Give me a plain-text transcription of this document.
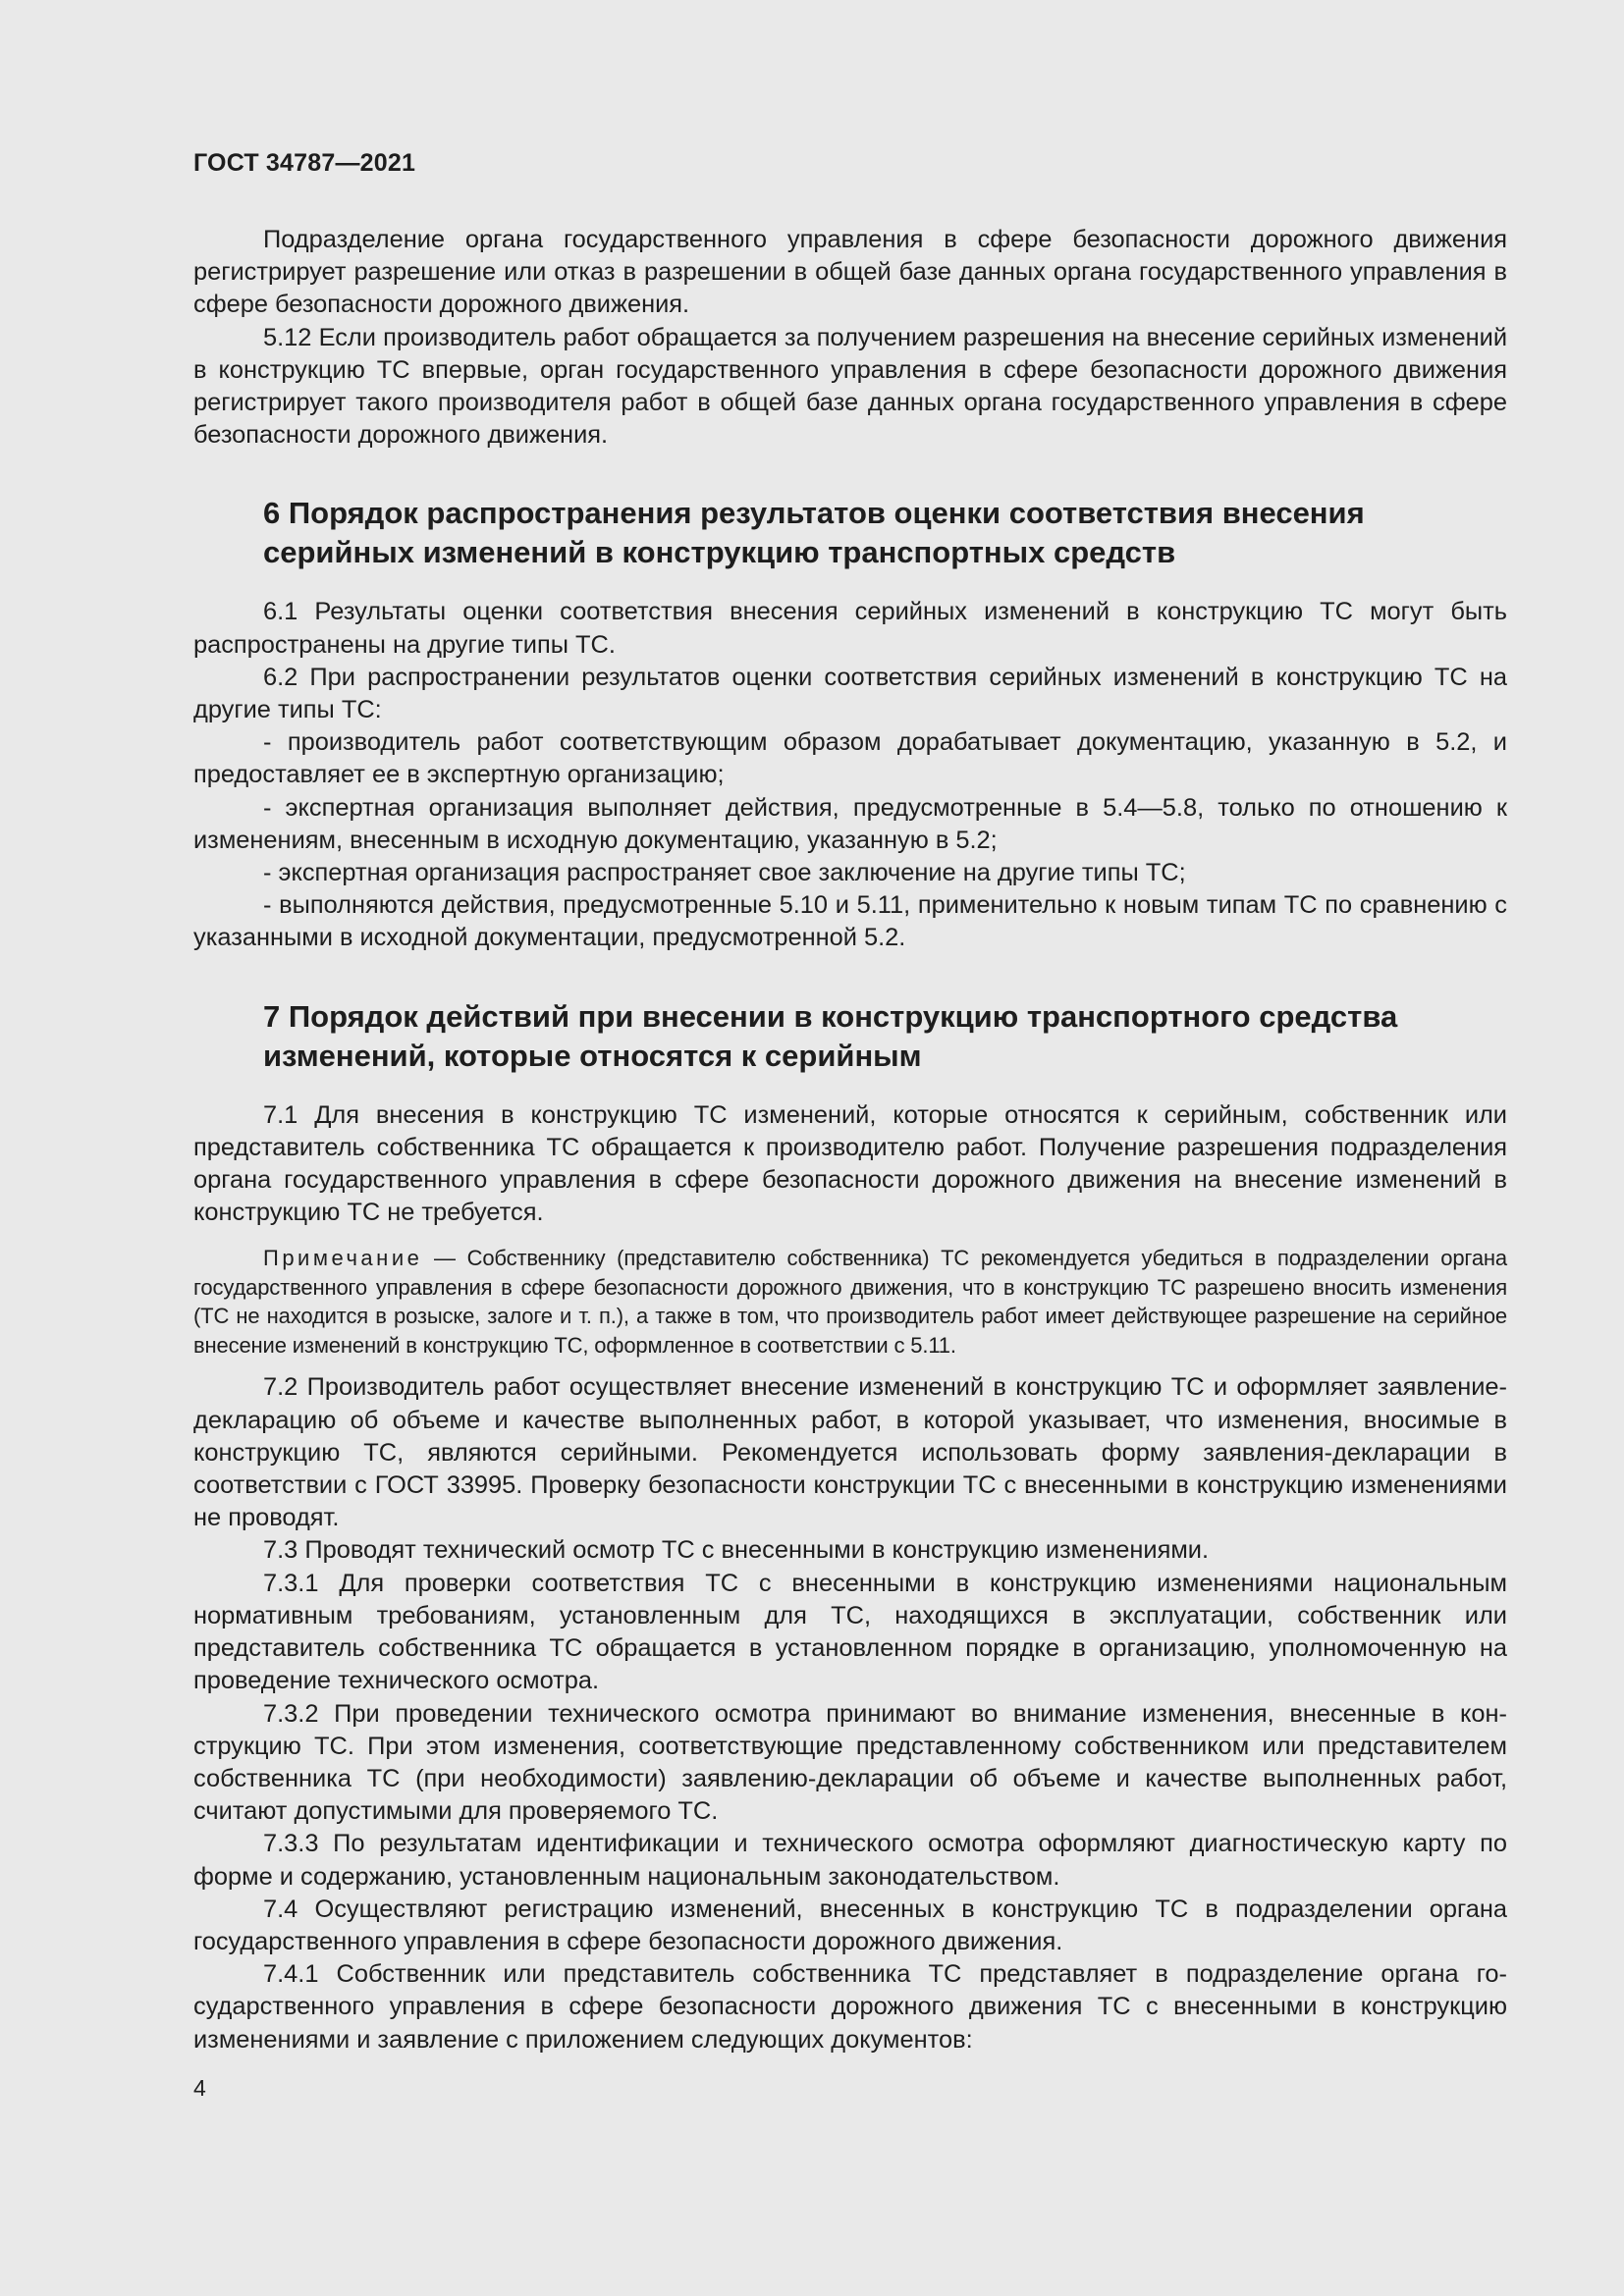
ГОСТ 34787—2021

Подразделение органа государственного управления в сфере безопасности дорожного движения регистрирует разрешение или отказ в разрешении в общей базе данных органа государственного управления в сфере безопасности дорожного движения.

5.12 Если производитель работ обращается за получением разрешения на внесение серийных изменений в конструкцию ТС впервые, орган государственного управления в сфере безопасности дорожного движения регистрирует такого производителя работ в общей базе данных органа государственного управления в сфере безопасности дорожного движения.

6 Порядок распространения результатов оценки соответствия внесения
серийных изменений в конструкцию транспортных средств

6.1 Результаты оценки соответствия внесения серийных изменений в конструкцию ТС могут быть распространены на другие типы ТС.

6.2 При распространении результатов оценки соответствия серийных изменений в конструкцию ТС на другие типы ТС:

- производитель работ соответствующим образом дорабатывает документацию, указанную в 5.2, и предоставляет ее в экспертную организацию;

- экспертная организация выполняет действия, предусмотренные в 5.4—5.8, только по отношению к изменениям, внесенным в исходную документацию, указанную в 5.2;

- экспертная организация распространяет свое заключение на другие типы ТС;

- выполняются действия, предусмотренные 5.10 и 5.11, применительно к новым типам ТС по сравнению с указанными в исходной документации, предусмотренной 5.2.

7 Порядок действий при внесении в конструкцию транспортного средства
изменений, которые относятся к серийным

7.1 Для внесения в конструкцию ТС изменений, которые относятся к серийным, собственник или представитель собственника ТС обращается к производителю работ. Получение разрешения подразделения органа государственного управления в сфере безопасности дорожного движения на внесение изменений в конструкцию ТС не требуется.

Примечание — Собственнику (представителю собственника) ТС рекомендуется убедиться в подразделении органа государственного управления в сфере безопасности дорожного движения, что в конструкцию ТС разрешено вносить изменения (ТС не находится в розыске, залоге и т. п.), а также в том, что производитель работ имеет действующее разрешение на серийное внесение изменений в конструкцию ТС, оформленное в соответствии с 5.11.

7.2 Производитель работ осуществляет внесение изменений в конструкцию ТС и оформляет заявление-декларацию об объеме и качестве выполненных работ, в которой указывает, что изменения, вносимые в конструкцию ТС, являются серийными. Рекомендуется использовать форму заявления-декларации в соответствии с ГОСТ 33995. Проверку безопасности конструкции ТС с внесенными в конструкцию изменениями не проводят.

7.3 Проводят технический осмотр ТС с внесенными в конструкцию изменениями.

7.3.1 Для проверки соответствия ТС с внесенными в конструкцию изменениями национальным нормативным требованиям, установленным для ТС, находящихся в эксплуатации, собственник или представитель собственника ТС обращается в установленном порядке в организацию, уполномоченную на проведение технического осмотра.

7.3.2 При проведении технического осмотра принимают во внимание изменения, внесенные в конструкцию ТС. При этом изменения, соответствующие представленному собственником или представителем собственника ТС (при необходимости) заявлению-декларации об объеме и качестве выполненных работ, считают допустимыми для проверяемого ТС.

7.3.3 По результатам идентификации и технического осмотра оформляют диагностическую карту по форме и содержанию, установленным национальным законодательством.

7.4 Осуществляют регистрацию изменений, внесенных в конструкцию ТС в подразделении органа государственного управления в сфере безопасности дорожного движения.

7.4.1 Собственник или представитель собственника ТС представляет в подразделение органа государственного управления в сфере безопасности дорожного движения ТС с внесенными в конструкцию изменениями и заявление с приложением следующих документов:

4
